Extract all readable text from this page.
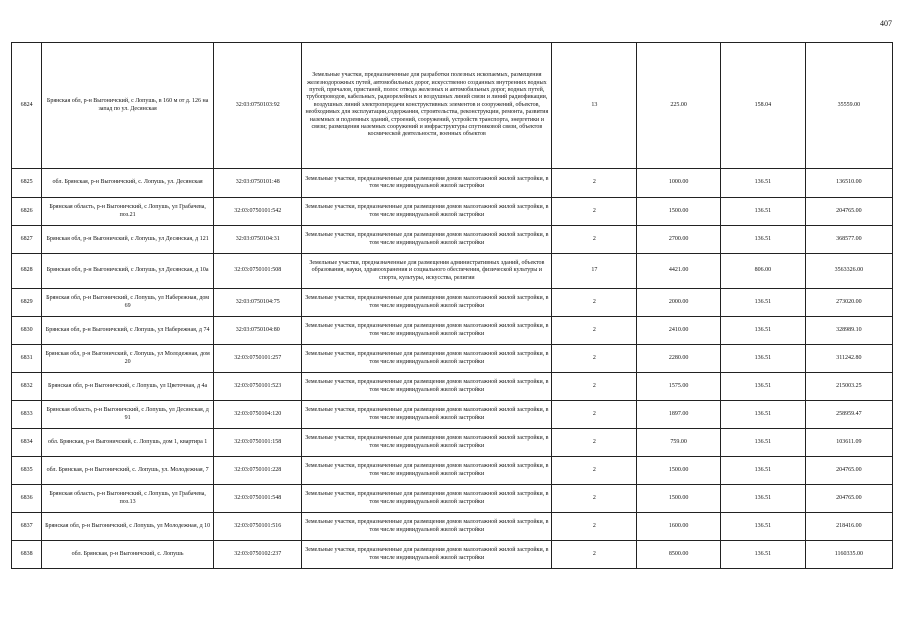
407
6824	Брянская обл, р-н Выгоничский, с Лопушь, в 160 м от д. 126 на запад по ул. Десянская	32:03:0750103:92	Земельные участки, предназначенные для разработки полезных ископаемых, размещения железнодорожных путей, автомобильных дорог, искусственно созданных внутренних водных путей, причалов, пристаней, полос отвода железных и автомобильных дорог, водных путей, трубопроводов, кабельных, радиорелейных и воздушных линий связи и линий радиофикации, воздушных линий электропередачи конструктивных элементов и сооружений, объектов, необходимых для эксплуатации,содержания, строительства, реконструкции, ремонта, развития наземных и подземных зданий, строений, сооружений, устройств транспорта, энергетики и связи; размещения наземных сооружений и инфраструктуры спутниковой связи, объектов космической деятельности, военных объектов	13	225.00	158.04	35559.00
6825	обл. Брянская, р-н Выгоничский, с. Лопушь, ул. Десянская	32:03:0750101:48	Земельные участки, предназначенные для размещения домов малоэтажной жилой застройки, в том числе индивидуальной жилой застройки	2	1000.00	136.51	136510.00
6826	Брянская область, р-н Выгоничский, с Лопушь, ул Грабачева, поз.21	32:03:0750101:542	Земельные участки, предназначенные для размещения домов малоэтажной жилой застройки, в том числе индивидуальной жилой застройки	2	1500.00	136.51	204765.00
6827	Брянская обл, р-н Выгоничский, с Лопушь, ул Десянская, д 121	32:03:0750104:31	Земельные участки, предназначенные для размещения домов малоэтажной жилой застройки, в том числе индивидуальной жилой застройки	2	2700.00	136.51	368577.00
6828	Брянская обл, р-н Выгоничский, с Лопушь, ул Десянская, д 10а	32:03:0750101:508	Земельные участки, предназначенные для размещения административных зданий, объектов образования, науки, здравоохранения и социального обеспечения, физической культуры и спорта, культуры, искусства, религии	17	4421.00	806.00	3563326.00
6829	Брянская обл, р-н Выгоничский, с Лопушь, ул Набережная, дом 69	32:03:0750104:75	Земельные участки, предназначенные для размещения домов малоэтажной жилой застройки, в том числе индивидуальной жилой застройки	2	2000.00	136.51	273020.00
6830	Брянская обл, р-н Выгоничский, с Лопушь, ул Набережная, д 74	32:03:0750104:80	Земельные участки, предназначенные для размещения домов малоэтажной жилой застройки, в том числе индивидуальной жилой застройки	2	2410.00	136.51	328989.10
6831	Брянская обл, р-н Выгоничский, с Лопушь, ул Молодежная, дом 20	32:03:0750101:257	Земельные участки, предназначенные для размещения домов малоэтажной жилой застройки, в том числе индивидуальной жилой застройки	2	2280.00	136.51	311242.80
6832	Брянская обл, р-н Выгоничский, с Лопушь, ул Цветочная, д 4а	32:03:0750101:523	Земельные участки, предназначенные для размещения домов малоэтажной жилой застройки, в том числе индивидуальной жилой застройки	2	1575.00	136.51	215003.25
6833	Брянская область, р-н Выгоничский, с Лопушь, ул Десянская, д 91	32:03:0750104:120	Земельные участки, предназначенные для размещения домов малоэтажной жилой застройки, в том числе индивидуальной жилой застройки	2	1897.00	136.51	258959.47
6834	обл. Брянская, р-н Выгоничский, с. Лопушь, дом 1, квартира 1	32:03:0750101:158	Земельные участки, предназначенные для размещения домов малоэтажной жилой застройки, в том числе индивидуальной жилой застройки	2	759.00	136.51	103611.09
6835	обл. Брянская, р-н Выгоничский, с. Лопушь, ул. Молодежная, 7	32:03:0750101:228	Земельные участки, предназначенные для размещения домов малоэтажной жилой застройки, в том числе индивидуальной жилой застройки	2	1500.00	136.51	204765.00
6836	Брянская область, р-н Выгоничский, с Лопушь, ул Грабачева, поз.13	32:03:0750101:548	Земельные участки, предназначенные для размещения домов малоэтажной жилой застройки, в том числе индивидуальной жилой застройки	2	1500.00	136.51	204765.00
6837	Брянская обл, р-н Выгоничский, с Лопушь, ул Молодежная, д 10	32:03:0750101:516	Земельные участки, предназначенные для размещения домов малоэтажной жилой застройки, в том числе индивидуальной жилой застройки	2	1600.00	136.51	218416.00
6838	обл. Брянская, р-н Выгоничский, с. Лопушь	32:03:0750102:237	Земельные участки, предназначенные для размещения домов малоэтажной жилой застройки, в том числе индивидуальной жилой застройки	2	8500.00	136.51	1160335.00
